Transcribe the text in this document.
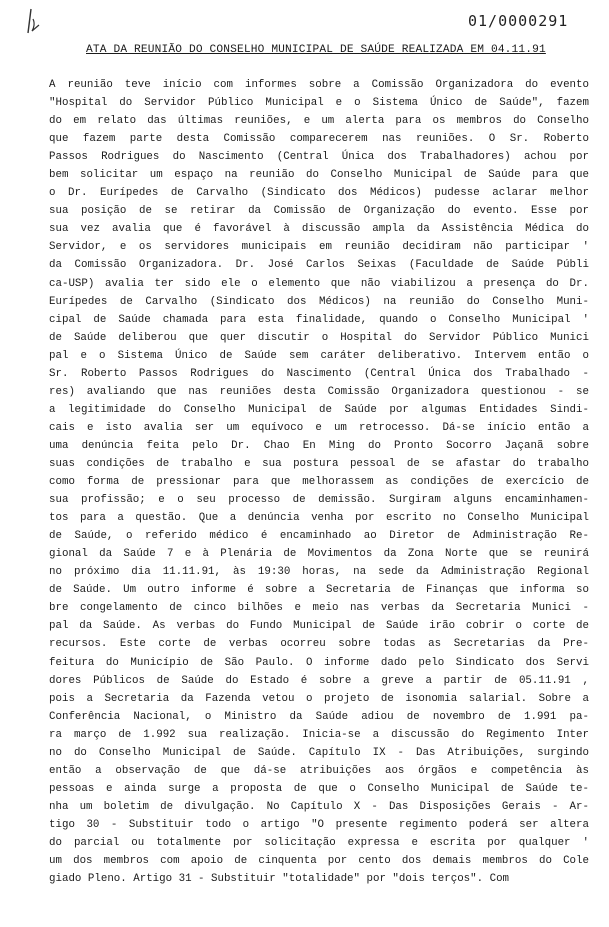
01/0000291
ATA DA REUNIÃO DO CONSELHO MUNICIPAL DE SAÚDE REALIZADA EM 04.11.91
A reunião teve início com informes sobre a Comissão Organizadora do evento
"Hospital do Servidor Público Municipal e o Sistema Único de Saúde", fazem
do em relato das últimas reuniões, e um alerta para os membros do Conselho
que fazem parte desta Comissão comparecerem nas reuniões. O Sr. Roberto
Passos Rodrigues do Nascimento (Central Única dos Trabalhadores) achou por
bem solicitar um espaço na reunião do Conselho Municipal de Saúde para que
o Dr. Eurípedes de Carvalho (Sindicato dos Médicos) pudesse aclarar melhor
sua posição de se retirar da Comissão de Organização do evento. Esse por
sua vez avalia que é favorável à discussão ampla da Assistência Médica do
Servidor, e os servidores municipais em reunião decidiram não participar '
da Comissão Organizadora. Dr. José Carlos Seixas (Faculdade de Saúde Públi
ca-USP) avalia ter sido ele o elemento que não viabilizou a presença do Dr.
Eurípedes de Carvalho (Sindicato dos Médicos) na reunião do Conselho Muni-
cipal de Saúde chamada para esta finalidade, quando o Conselho Municipal '
de Saúde deliberou que quer discutir o Hospital do Servidor Público Munici
pal e o Sistema Único de Saúde sem caráter deliberativo. Intervem então o
Sr. Roberto Passos Rodrigues do Nascimento (Central Única dos Trabalhado -
res) avaliando que nas reuniões desta Comissão Organizadora questionou - se
a legitimidade do Conselho Municipal de Saúde por algumas Entidades Sindi-
cais e isto avalia ser um equívoco e um retrocesso. Dá-se início então a
uma denúncia feita pelo Dr. Chao En Ming do Pronto Socorro Jaçanã sobre
suas condições de trabalho e sua postura pessoal de se afastar do trabalho
como forma de pressionar para que melhorassem as condições de exercício de
sua profissão; e o seu processo de demissão. Surgiram alguns encaminhamen-
tos para a questão. Que a denúncia venha por escrito no Conselho Municipal
de Saúde, o referido médico é encaminhado ao Diretor de Administração Re-
gional da Saúde 7 e à Plenária de Movimentos da Zona Norte que se reunirá
no próximo dia 11.11.91, às 19:30 horas, na sede da Administração Regional
de Saúde. Um outro informe é sobre a Secretaria de Finanças que informa so
bre congelamento de cinco bilhões e meio nas verbas da Secretaria Munici -
pal da Saúde. As verbas do Fundo Municipal de Saúde irão cobrir o corte de
recursos. Este corte de verbas ocorreu sobre todas as Secretarias da Pre-
feitura do Município de São Paulo. O informe dado pelo Sindicato dos Servi
dores Públicos de Saúde do Estado é sobre a greve a partir de 05.11.91 ,
pois a Secretaria da Fazenda vetou o projeto de isonomia salarial. Sobre a
Conferência Nacional, o Ministro da Saúde adiou de novembro de 1.991 pa-
ra março de 1.992 sua realização. Inicia-se a discussão do Regimento Inter
no do Conselho Municipal de Saúde. Capítulo IX - Das Atribuições, surgindo
então a observação de que dá-se atribuições aos órgãos e competência às
pessoas e ainda surge a proposta de que o Conselho Municipal de Saúde te-
nha um boletim de divulgação. No Capítulo X - Das Disposições Gerais - Ar-
tigo 30 - Substituir todo o artigo "O presente regimento poderá ser altera
do parcial ou totalmente por solicitação expressa e escrita por qualquer '
um dos membros com apoio de cinquenta por cento dos demais membros do Cole
giado Pleno. Artigo 31 - Substituir "totalidade" por "dois terços". Com
